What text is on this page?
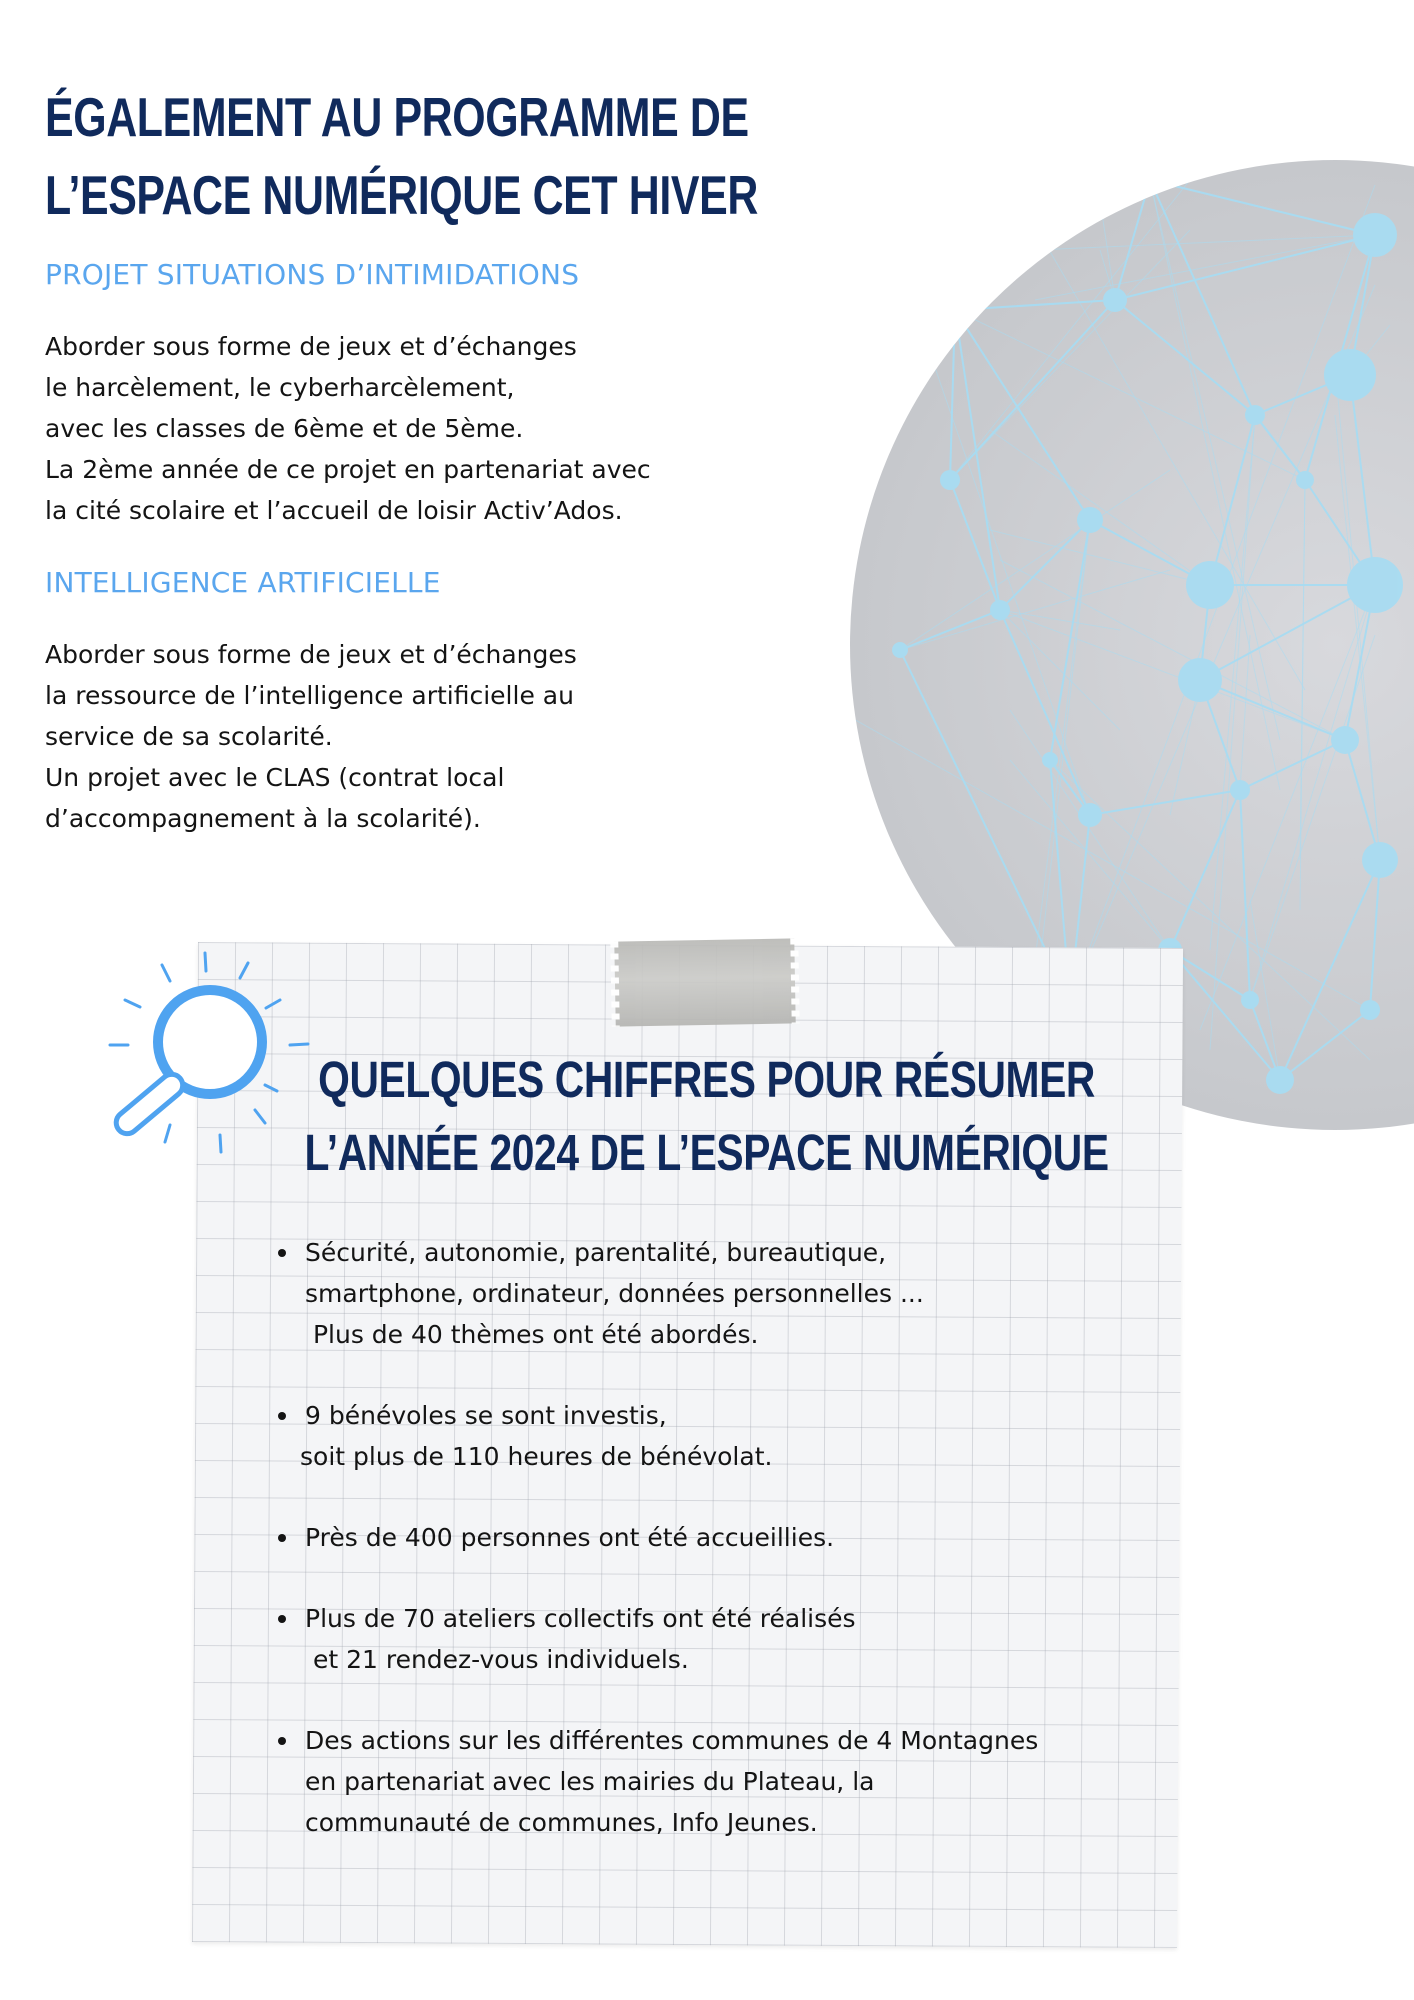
ÉGALEMENT AU PROGRAMME DE
L’ESPACE NUMÉRIQUE CET HIVER
PROJET SITUATIONS D’INTIMIDATIONS
Aborder sous forme de jeux et d’échanges
le harcèlement, le cyberharcèlement,
avec les classes de 6ème et de 5ème.
La 2ème année de ce projet en partenariat avec
la cité scolaire et l’accueil de loisir Activ’Ados.
INTELLIGENCE ARTIFICIELLE
Aborder sous forme de jeux et d’échanges
la ressource de l’intelligence artificielle au
service de sa scolarité.
Un projet avec le CLAS (contrat local
d’accompagnement à la scolarité).
QUELQUES CHIFFRES POUR RÉSUMER
L’ANNÉE 2024 DE L’ESPACE NUMÉRIQUE
Sécurité, autonomie, parentalité, bureautique,
smartphone, ordinateur, données personnelles ...
Plus de 40 thèmes ont été abordés.
9 bénévoles se sont investis,
soit plus de 110 heures de bénévolat.
Près de 400 personnes ont été accueillies.
Plus de 70 ateliers collectifs ont été réalisés
et 21 rendez-vous individuels.
Des actions sur les différentes communes de 4 Montagnes
en partenariat avec les mairies du Plateau, la
communauté de communes, Info Jeunes.
